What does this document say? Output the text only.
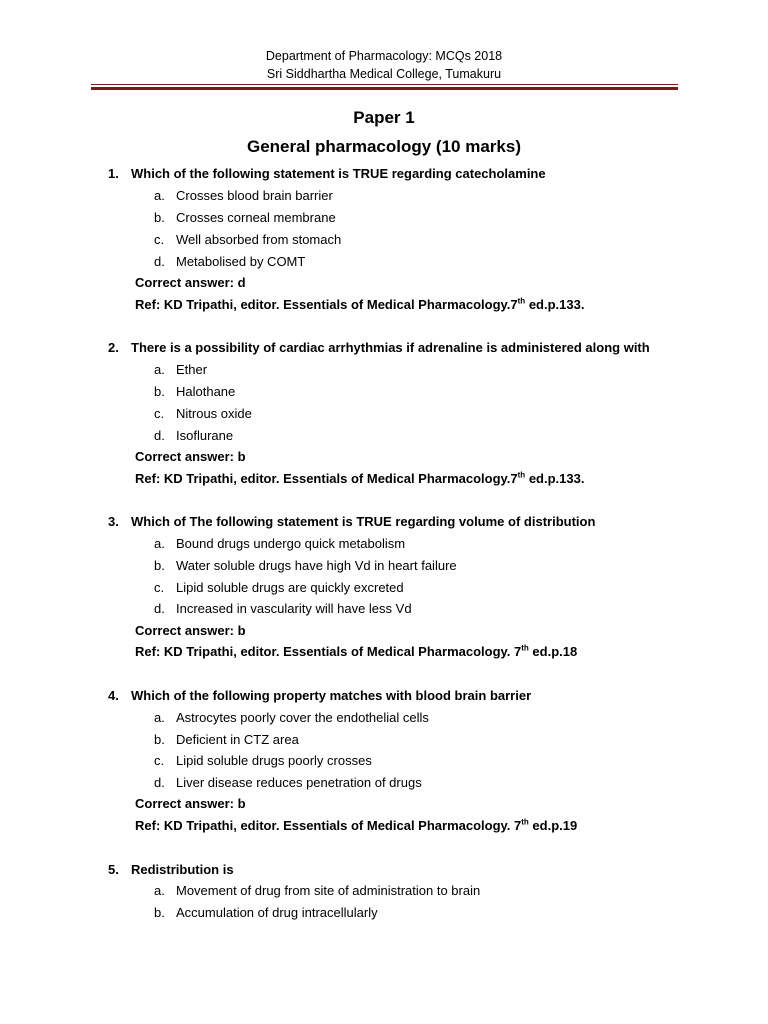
Department of Pharmacology: MCQs 2018
Sri Siddhartha Medical College, Tumakuru
Paper 1
General pharmacology (10 marks)
1. Which of the following statement is TRUE regarding catecholamine
a. Crosses blood brain barrier
b. Crosses corneal membrane
c. Well absorbed from stomach
d. Metabolised by COMT
Correct answer: d
Ref: KD Tripathi, editor. Essentials of Medical Pharmacology.7th ed.p.133.
2. There is a possibility of cardiac arrhythmias if adrenaline is administered along with
a. Ether
b. Halothane
c. Nitrous oxide
d. Isoflurane
Correct answer: b
Ref: KD Tripathi, editor. Essentials of Medical Pharmacology.7th ed.p.133.
3. Which of The following statement is TRUE regarding volume of distribution
a. Bound drugs undergo quick metabolism
b. Water soluble drugs have high Vd in heart failure
c. Lipid soluble drugs are quickly excreted
d. Increased in vascularity will have less Vd
Correct answer: b
Ref: KD Tripathi, editor. Essentials of Medical Pharmacology. 7th ed.p.18
4. Which of the following property matches with blood brain barrier
a. Astrocytes poorly cover the endothelial cells
b. Deficient in CTZ area
c. Lipid soluble drugs poorly crosses
d. Liver disease reduces penetration of drugs
Correct answer: b
Ref: KD Tripathi, editor. Essentials of Medical Pharmacology. 7th ed.p.19
5. Redistribution is
a. Movement of drug from site of administration to brain
b. Accumulation of drug intracellularly
